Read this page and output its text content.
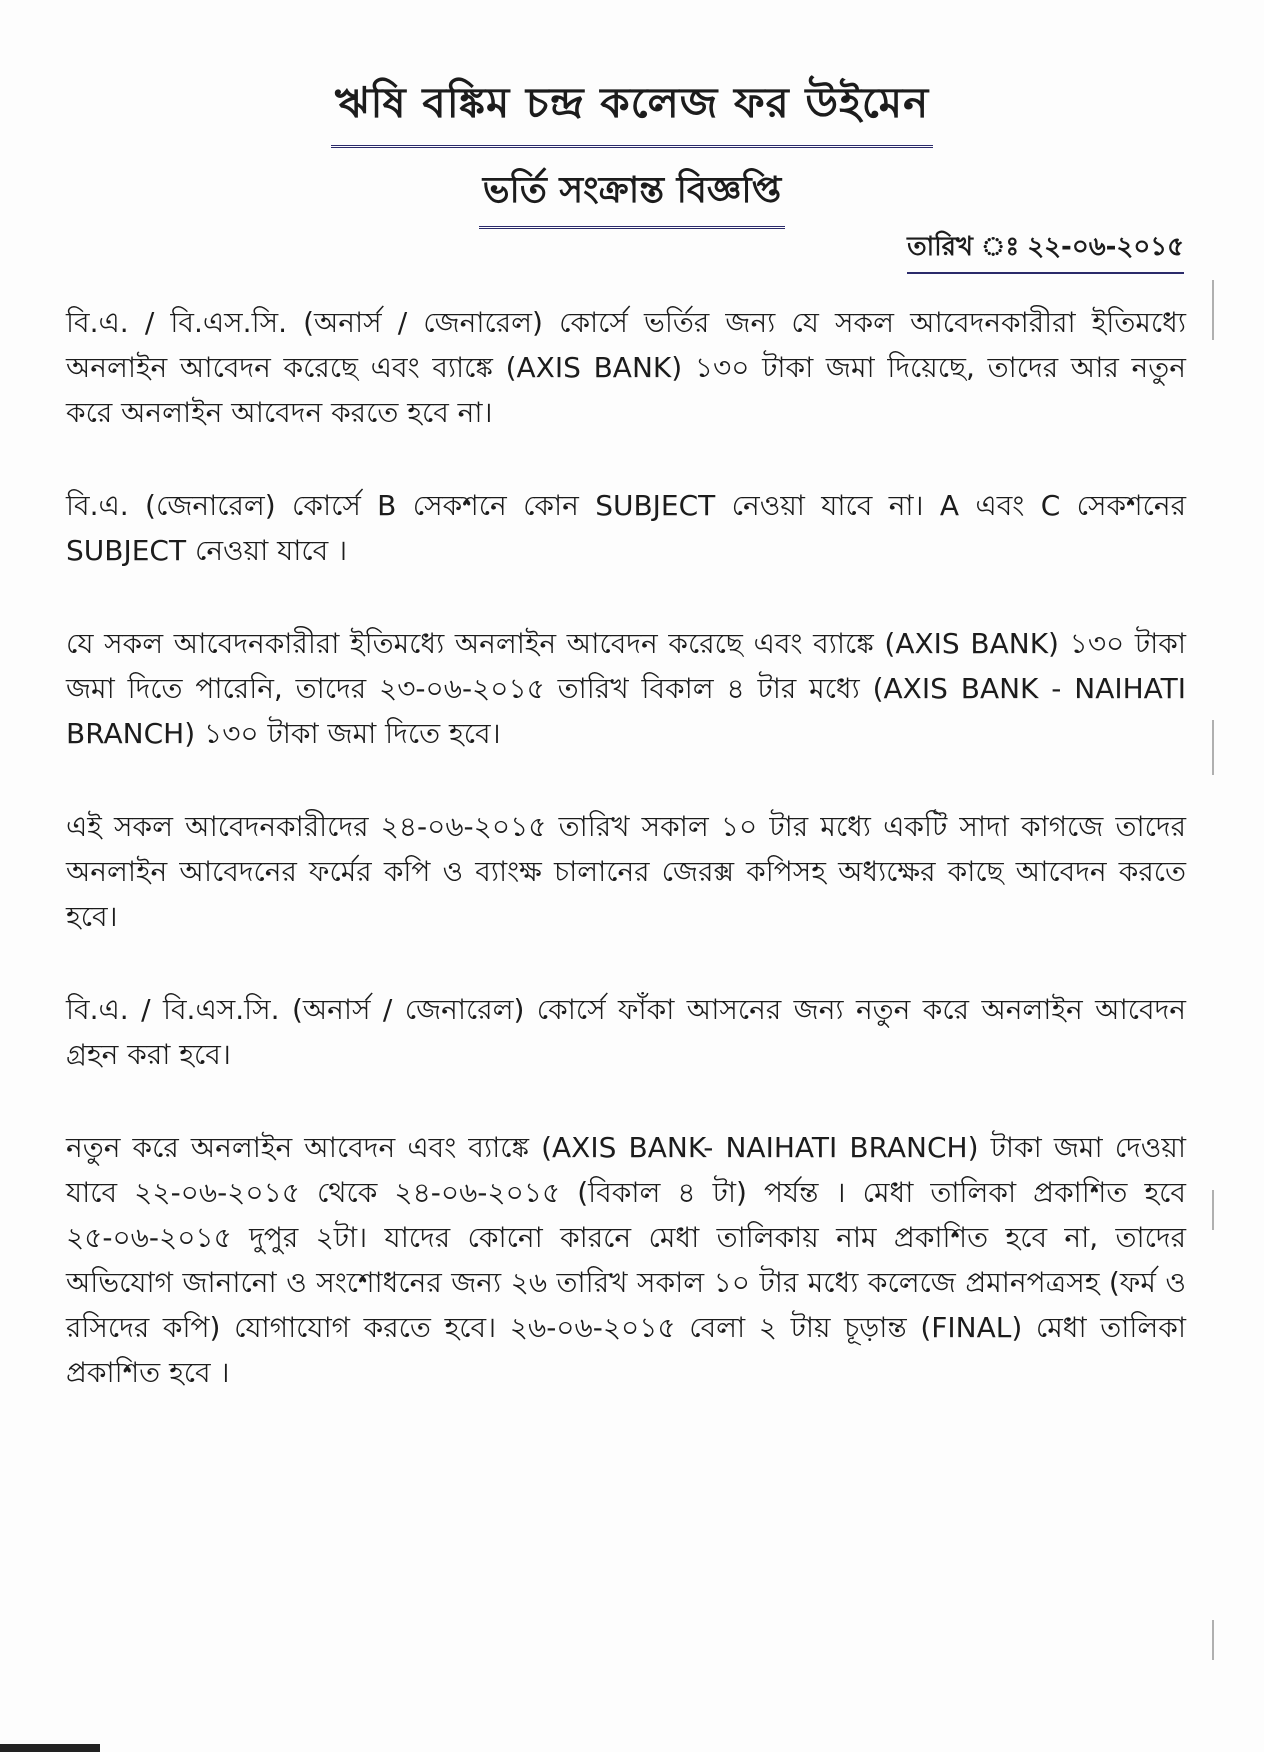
ঋষি বঙ্কিম চন্দ্র কলেজ ফর উইমেন
ভর্তি সংক্রান্ত বিজ্ঞপ্তি
তারিখ ঃ ২২-০৬-২০১৫

বি.এ. / বি.এস.সি. (অনার্স / জেনারেল) কোর্সে ভর্তির জন্য যে সকল আবেদনকারীরা ইতিমধ্যে অনলাইন আবেদন করেছে এবং ব্যাঙ্কে (AXIS BANK) ১৩০ টাকা জমা দিয়েছে, তাদের আর নতুন করে অনলাইন আবেদন করতে হবে না।

বি.এ. (জেনারেল) কোর্সে B সেকশনে কোন SUBJECT নেওয়া যাবে না। A এবং C সেকশনের SUBJECT নেওয়া যাবে ।

যে সকল আবেদনকারীরা ইতিমধ্যে অনলাইন আবেদন করেছে এবং ব্যাঙ্কে (AXIS BANK) ১৩০ টাকা জমা দিতে পারেনি, তাদের ২৩-০৬-২০১৫ তারিখ বিকাল ৪ টার মধ্যে (AXIS BANK - NAIHATI BRANCH) ১৩০ টাকা জমা দিতে হবে।

এই সকল আবেদনকারীদের ২৪-০৬-২০১৫ তারিখ সকাল ১০ টার মধ্যে একটি সাদা কাগজে তাদের অনলাইন আবেদনের ফর্মের কপি ও ব্যাংক্ষ চালানের জেরক্স কপিসহ অধ্যক্ষের কাছে আবেদন করতে হবে।

বি.এ. / বি.এস.সি. (অনার্স / জেনারেল) কোর্সে ফাঁকা আসনের জন্য নতুন করে অনলাইন আবেদন গ্রহন করা হবে।

নতুন করে অনলাইন আবেদন এবং ব্যাঙ্কে (AXIS BANK- NAIHATI BRANCH) টাকা জমা দেওয়া যাবে ২২-০৬-২০১৫ থেকে ২৪-০৬-২০১৫ (বিকাল ৪ টা) পর্যন্ত । মেধা তালিকা প্রকাশিত হবে ২৫-০৬-২০১৫ দুপুর ২টা। যাদের কোনো কারনে মেধা তালিকায় নাম প্রকাশিত হবে না, তাদের অভিযোগ জানানো ও সংশোধনের জন্য ২৬ তারিখ সকাল ১০ টার মধ্যে কলেজে প্রমানপত্রসহ (ফর্ম ও রসিদের কপি) যোগাযোগ করতে হবে। ২৬-০৬-২০১৫ বেলা ২ টায় চূড়ান্ত (FINAL) মেধা তালিকা প্রকাশিত হবে ।
